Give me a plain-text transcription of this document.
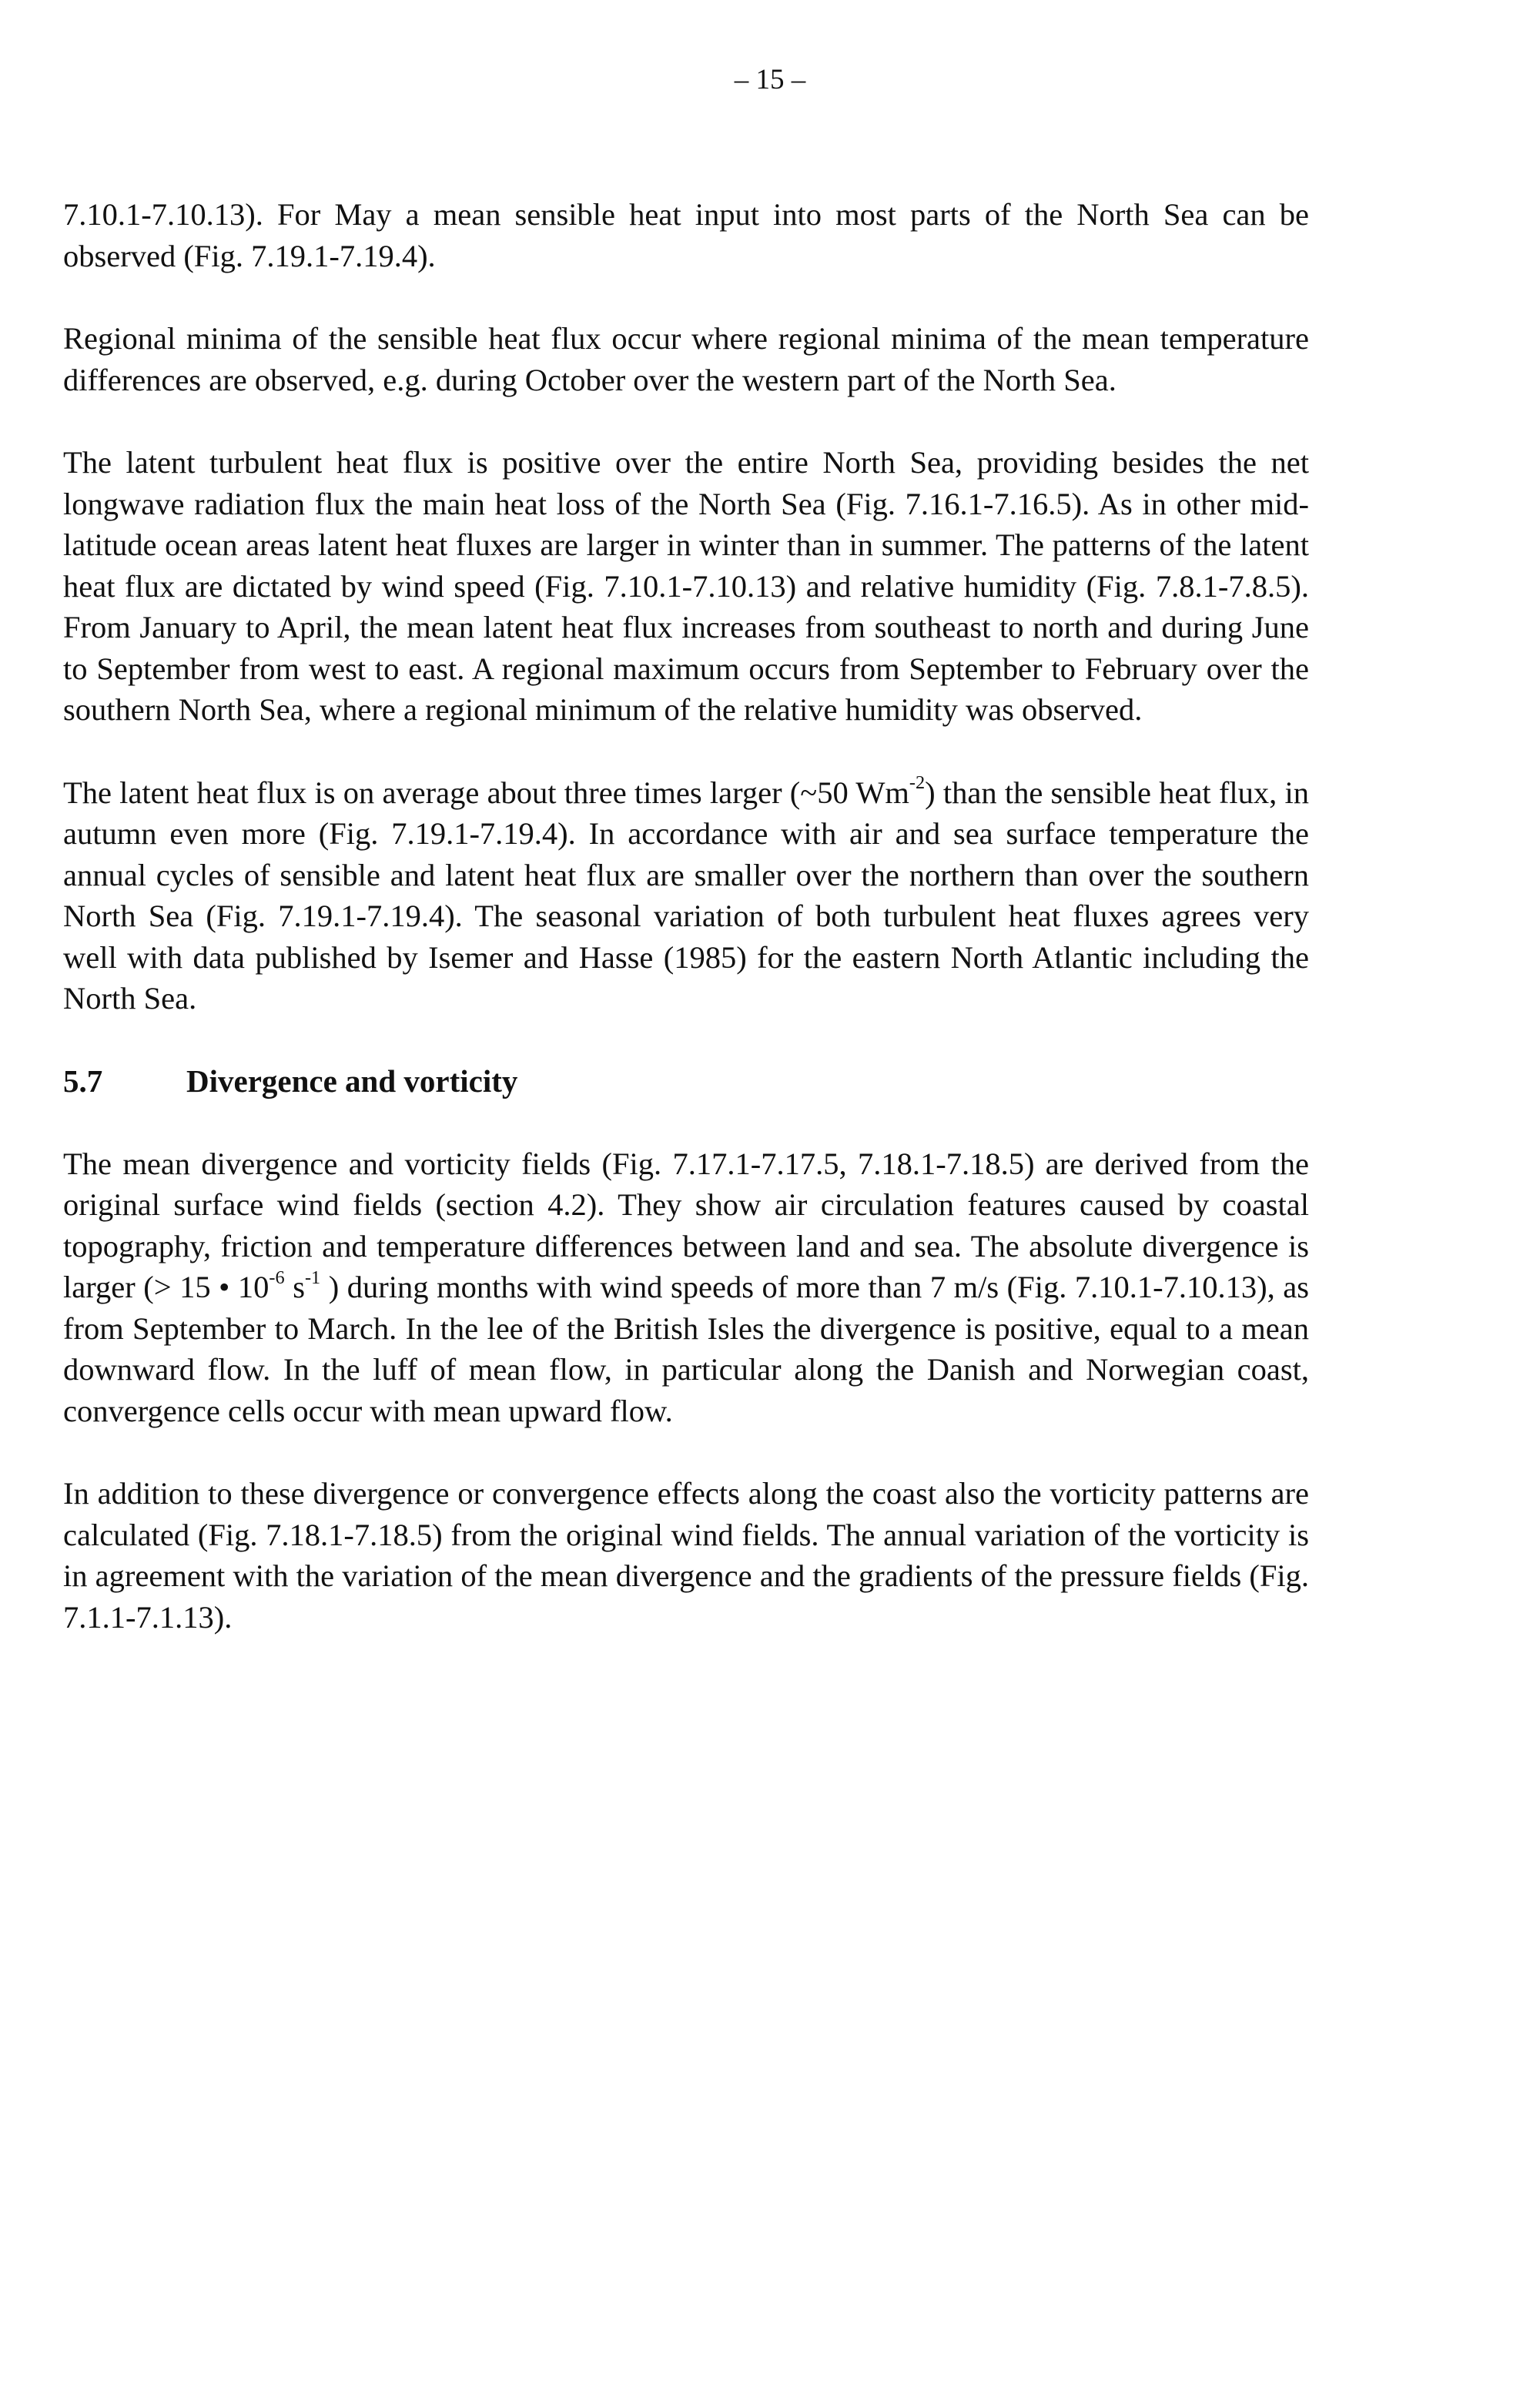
– 15 –

7.10.1-7.10.13). For May a mean sensible heat input into most parts of the North Sea can be observed (Fig. 7.19.1-7.19.4).

Regional minima of the sensible heat flux occur where regional minima of the mean temperature differences are observed, e.g. during October over the western part of the North Sea.

The latent turbulent heat flux is positive over the entire North Sea, providing besides the net longwave radiation flux the main heat loss of the North Sea (Fig. 7.16.1-7.16.5). As in other mid-latitude ocean areas latent heat fluxes are larger in winter than in summer. The patterns of the latent heat flux are dictated by wind speed (Fig. 7.10.1-7.10.13) and relative humidity (Fig. 7.8.1-7.8.5). From January to April, the mean latent heat flux increases from southeast to north and during June to September from west to east. A regional maximum occurs from September to February over the southern North Sea, where a regional minimum of the relative humidity was observed.

The latent heat flux is on average about three times larger (~50 $Wm^{-2}$) than the sensible heat flux, in autumn even more (Fig. 7.19.1-7.19.4). In accordance with air and sea surface temperature the annual cycles of sensible and latent heat flux are smaller over the northern than over the southern North Sea (Fig. 7.19.1-7.19.4). The seasonal variation of both turbulent heat fluxes agrees very well with data published by Isemer and Hasse (1985) for the eastern North Atlantic including the North Sea.

5.7	Divergence and vorticity

The mean divergence and vorticity fields (Fig. 7.17.1-7.17.5, 7.18.1-7.18.5) are derived from the original surface wind fields (section 4.2). They show air circulation features caused by coastal topography, friction and temperature differences between land and sea. The absolute divergence is larger (> 15 • $10^{-6}$ $s^{-1}$ ) during months with wind speeds of more than 7 m/s (Fig. 7.10.1-7.10.13), as from September to March. In the lee of the British Isles the divergence is positive, equal to a mean downward flow. In the luff of mean flow, in particular along the Danish and Norwegian coast, convergence cells occur with mean upward flow.

In addition to these divergence or convergence effects along the coast also the vorticity patterns are calculated (Fig. 7.18.1-7.18.5) from the original wind fields. The annual variation of the vorticity is in agreement with the variation of the mean divergence and the gradients of the pressure fields (Fig. 7.1.1-7.1.13).
